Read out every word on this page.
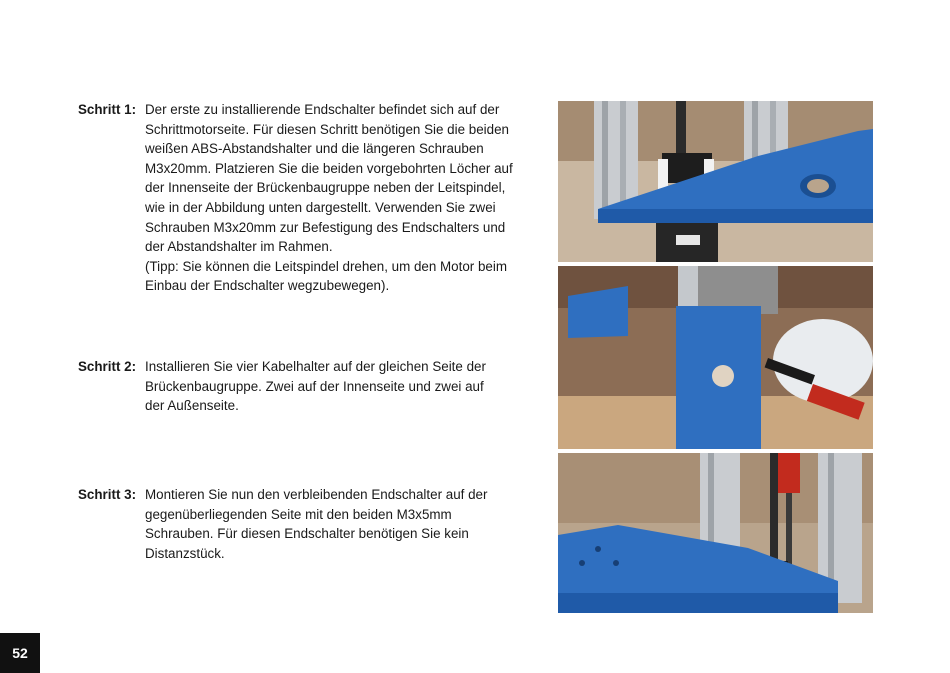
Schritt 1: Der erste zu installierende Endschalter befindet sich auf der
Schrittmotorseite. Für diesen Schritt benötigen Sie die beiden
weißen ABS-Abstandshalter und die längeren Schrauben
M3x20mm. Platzieren Sie die beiden vorgebohrten Löcher auf
der Innenseite der Brückenbaugruppe neben der Leitspindel,
wie in der Abbildung unten dargestellt. Verwenden Sie zwei
Schrauben M3x20mm zur Befestigung des Endschalters und
der Abstandshalter im Rahmen.
(Tipp: Sie können die Leitspindel drehen, um den Motor beim
Einbau der Endschalter wegzubewegen).
Schritt 2: Installieren Sie vier Kabelhalter auf der gleichen Seite der
Brückenbaugruppe. Zwei auf der Innenseite und zwei auf
der Außenseite.
Schritt 3: Montieren Sie nun den verbleibenden Endschalter auf der
gegenüberliegenden Seite mit den beiden M3x5mm
Schrauben. Für diesen Endschalter benötigen Sie kein
Distanzstück.
52
